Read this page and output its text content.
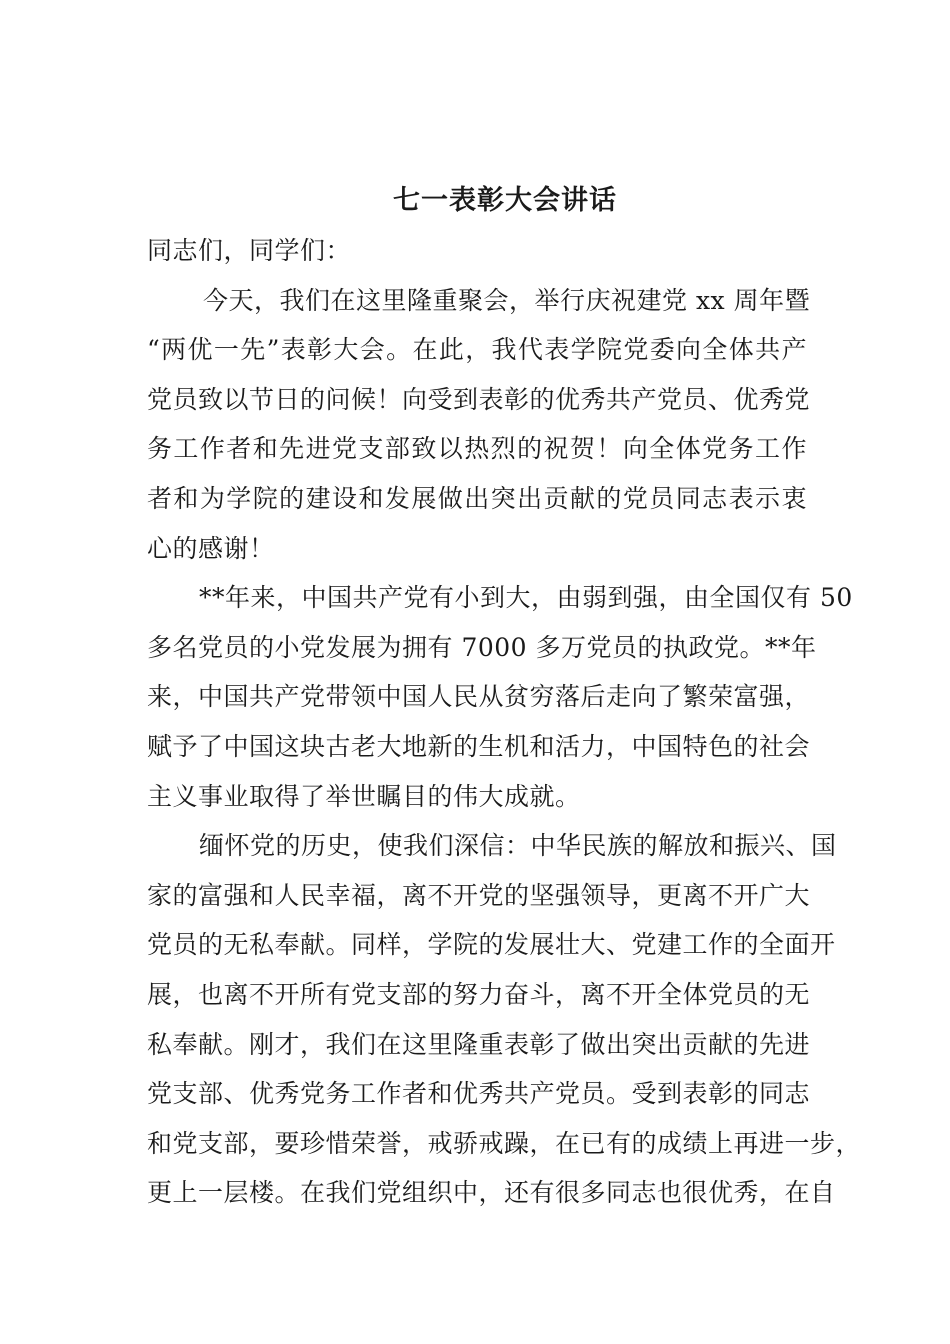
七一表彰大会讲话
同志们，同学们：
今天，我们在这里隆重聚会，举行庆祝建党 xx 周年暨
“两优一先”表彰大会。在此，我代表学院党委向全体共产
党员致以节日的问候！向受到表彰的优秀共产党员、优秀党
务工作者和先进党支部致以热烈的祝贺！向全体党务工作
者和为学院的建设和发展做出突出贡献的党员同志表示衷
心的感谢！
**年来，中国共产党有小到大，由弱到强，由全国仅有 50
多名党员的小党发展为拥有 7000 多万党员的执政党。**年
来，中国共产党带领中国人民从贫穷落后走向了繁荣富强，
赋予了中国这块古老大地新的生机和活力，中国特色的社会
主义事业取得了举世瞩目的伟大成就。
缅怀党的历史，使我们深信：中华民族的解放和振兴、国
家的富强和人民幸福，离不开党的坚强领导，更离不开广大
党员的无私奉献。同样，学院的发展壮大、党建工作的全面开
展，也离不开所有党支部的努力奋斗，离不开全体党员的无
私奉献。刚才，我们在这里隆重表彰了做出突出贡献的先进
党支部、优秀党务工作者和优秀共产党员。受到表彰的同志
和党支部，要珍惜荣誉，戒骄戒躁，在已有的成绩上再进一步，
更上一层楼。在我们党组织中，还有很多同志也很优秀，在自
